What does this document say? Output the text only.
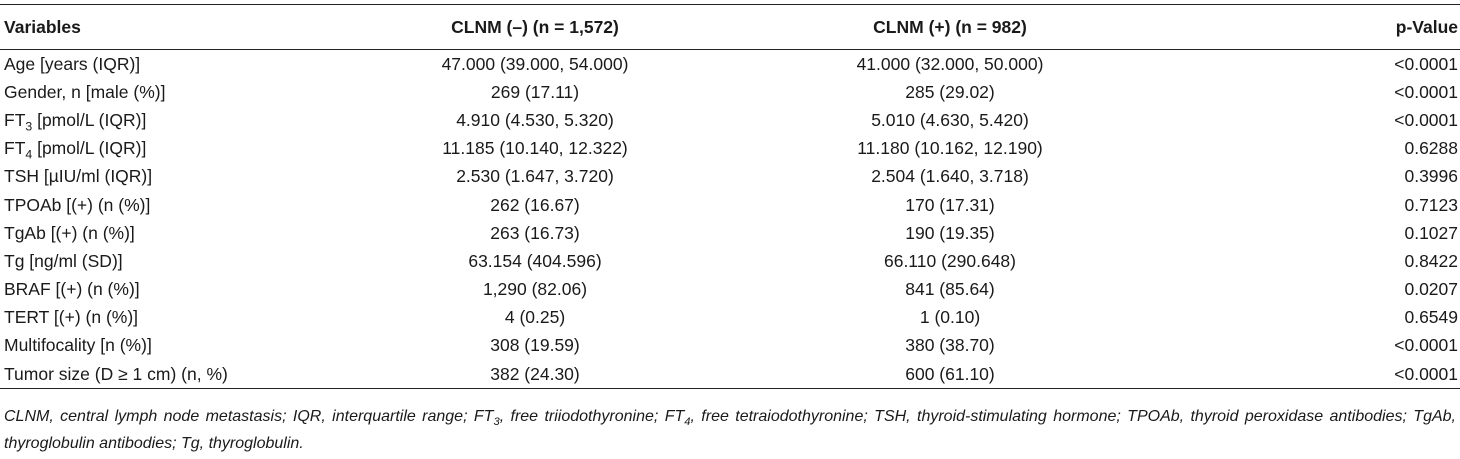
Variables	CLNM (–) (n = 1,572)	CLNM (+) (n = 982)	p-Value
Age [years (IQR)]	47.000 (39.000, 54.000)	41.000 (32.000, 50.000)	<0.0001
Gender, n [male (%)]	269 (17.11)	285 (29.02)	<0.0001
$FT_3$ [pmol/L (IQR)]	4.910 (4.530, 5.320)	5.010 (4.630, 5.420)	<0.0001
$FT_4$ [pmol/L (IQR)]	11.185 (10.140, 12.322)	11.180 (10.162, 12.190)	0.6288
TSH [µIU/ml (IQR)]	2.530 (1.647, 3.720)	2.504 (1.640, 3.718)	0.3996
TPOAb [(+) (n (%)]	262 (16.67)	170 (17.31)	0.7123
TgAb [(+) (n (%)]	263 (16.73)	190 (19.35)	0.1027
Tg [ng/ml (SD)]	63.154 (404.596)	66.110 (290.648)	0.8422
BRAF [(+) (n (%)]	1,290 (82.06)	841 (85.64)	0.0207
TERT [(+) (n (%)]	4 (0.25)	1 (0.10)	0.6549
Multifocality [n (%)]	308 (19.59)	380 (38.70)	<0.0001
Tumor size (D ≥ 1 cm) (n, %)	382 (24.30)	600 (61.10)	<0.0001
CLNM, central lymph node metastasis; IQR, interquartile range; $FT_3$, free triiodothyronine; $FT_4$, free tetraiodothyronine; TSH, thyroid-stimulating hormone; TPOAb, thyroid peroxidase antibodies; TgAb, thyroglobulin antibodies; Tg, thyroglobulin.
